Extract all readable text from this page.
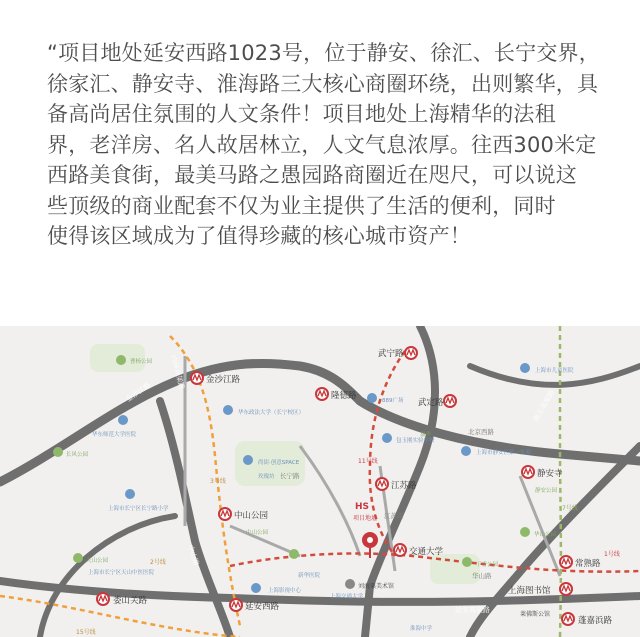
“项目地处延安西路1023号，位于静安、徐汇、长宁交界，

徐家汇、静安寺、淮海路三大核心商圈环绕，出则繁华，具

备高尚居住氛围的人文条件！项目地处上海精华的法租

界，老洋房、名人故居林立，人文气息浓厚。往西300米定

西路美食街，最美马路之愚园路商圈近在咫尺，可以说这

些顶级的商业配套不仅为业主提供了生活的便利，同时

使得该区域成为了值得珍藏的核心城市资产！

金沙江路
隆德路
武宁路
武定路
静安寺
江苏路
中山公园
交通大学
常熟路
上海图书馆
娄山关路
延安西路
蓬嘉浜路
内环高架路
金沙江路
延安高架路
中山路
南北高架路
长宁路
北京西路
江苏路
华山路
2号线
3号线
15号线
11号线
1号线
7号线
华东师范大学医院
华东政法大学（长宁校区）
889广场
包玉刚实验学校
上海市儿童医院
上海市静安区第一实验
上海市长宁区长宁路小学
尚街·创意SPACE
玫瑰坊
上海市长宁区天山中医医院	新华医院
上海影视中心
上海交通大学
淮海中学
曹杨公园
长风公园
中山公园
天山公园
华山公园
丁香公园
静安公园
嘉华
刘海粟美术馆
莱佛斯公馆
HS
项目地址
